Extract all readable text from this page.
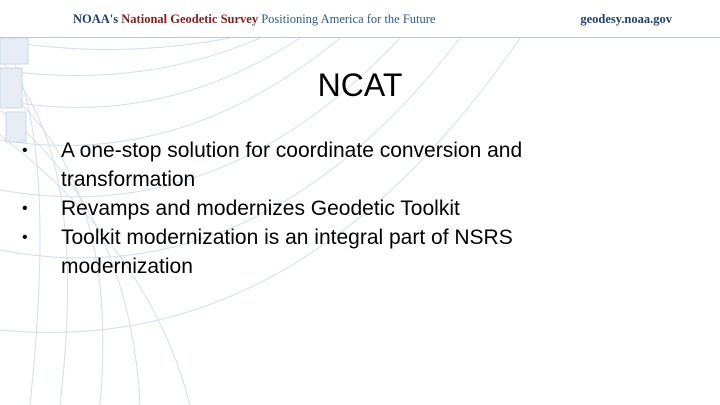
NOAA's National Geodetic Survey Positioning America for the Future	geodesy.noaa.gov
NCAT
•	A one-stop solution for coordinate conversion and transformation
•	Revamps and modernizes Geodetic Toolkit
•	Toolkit modernization is an integral part of NSRS modernization
